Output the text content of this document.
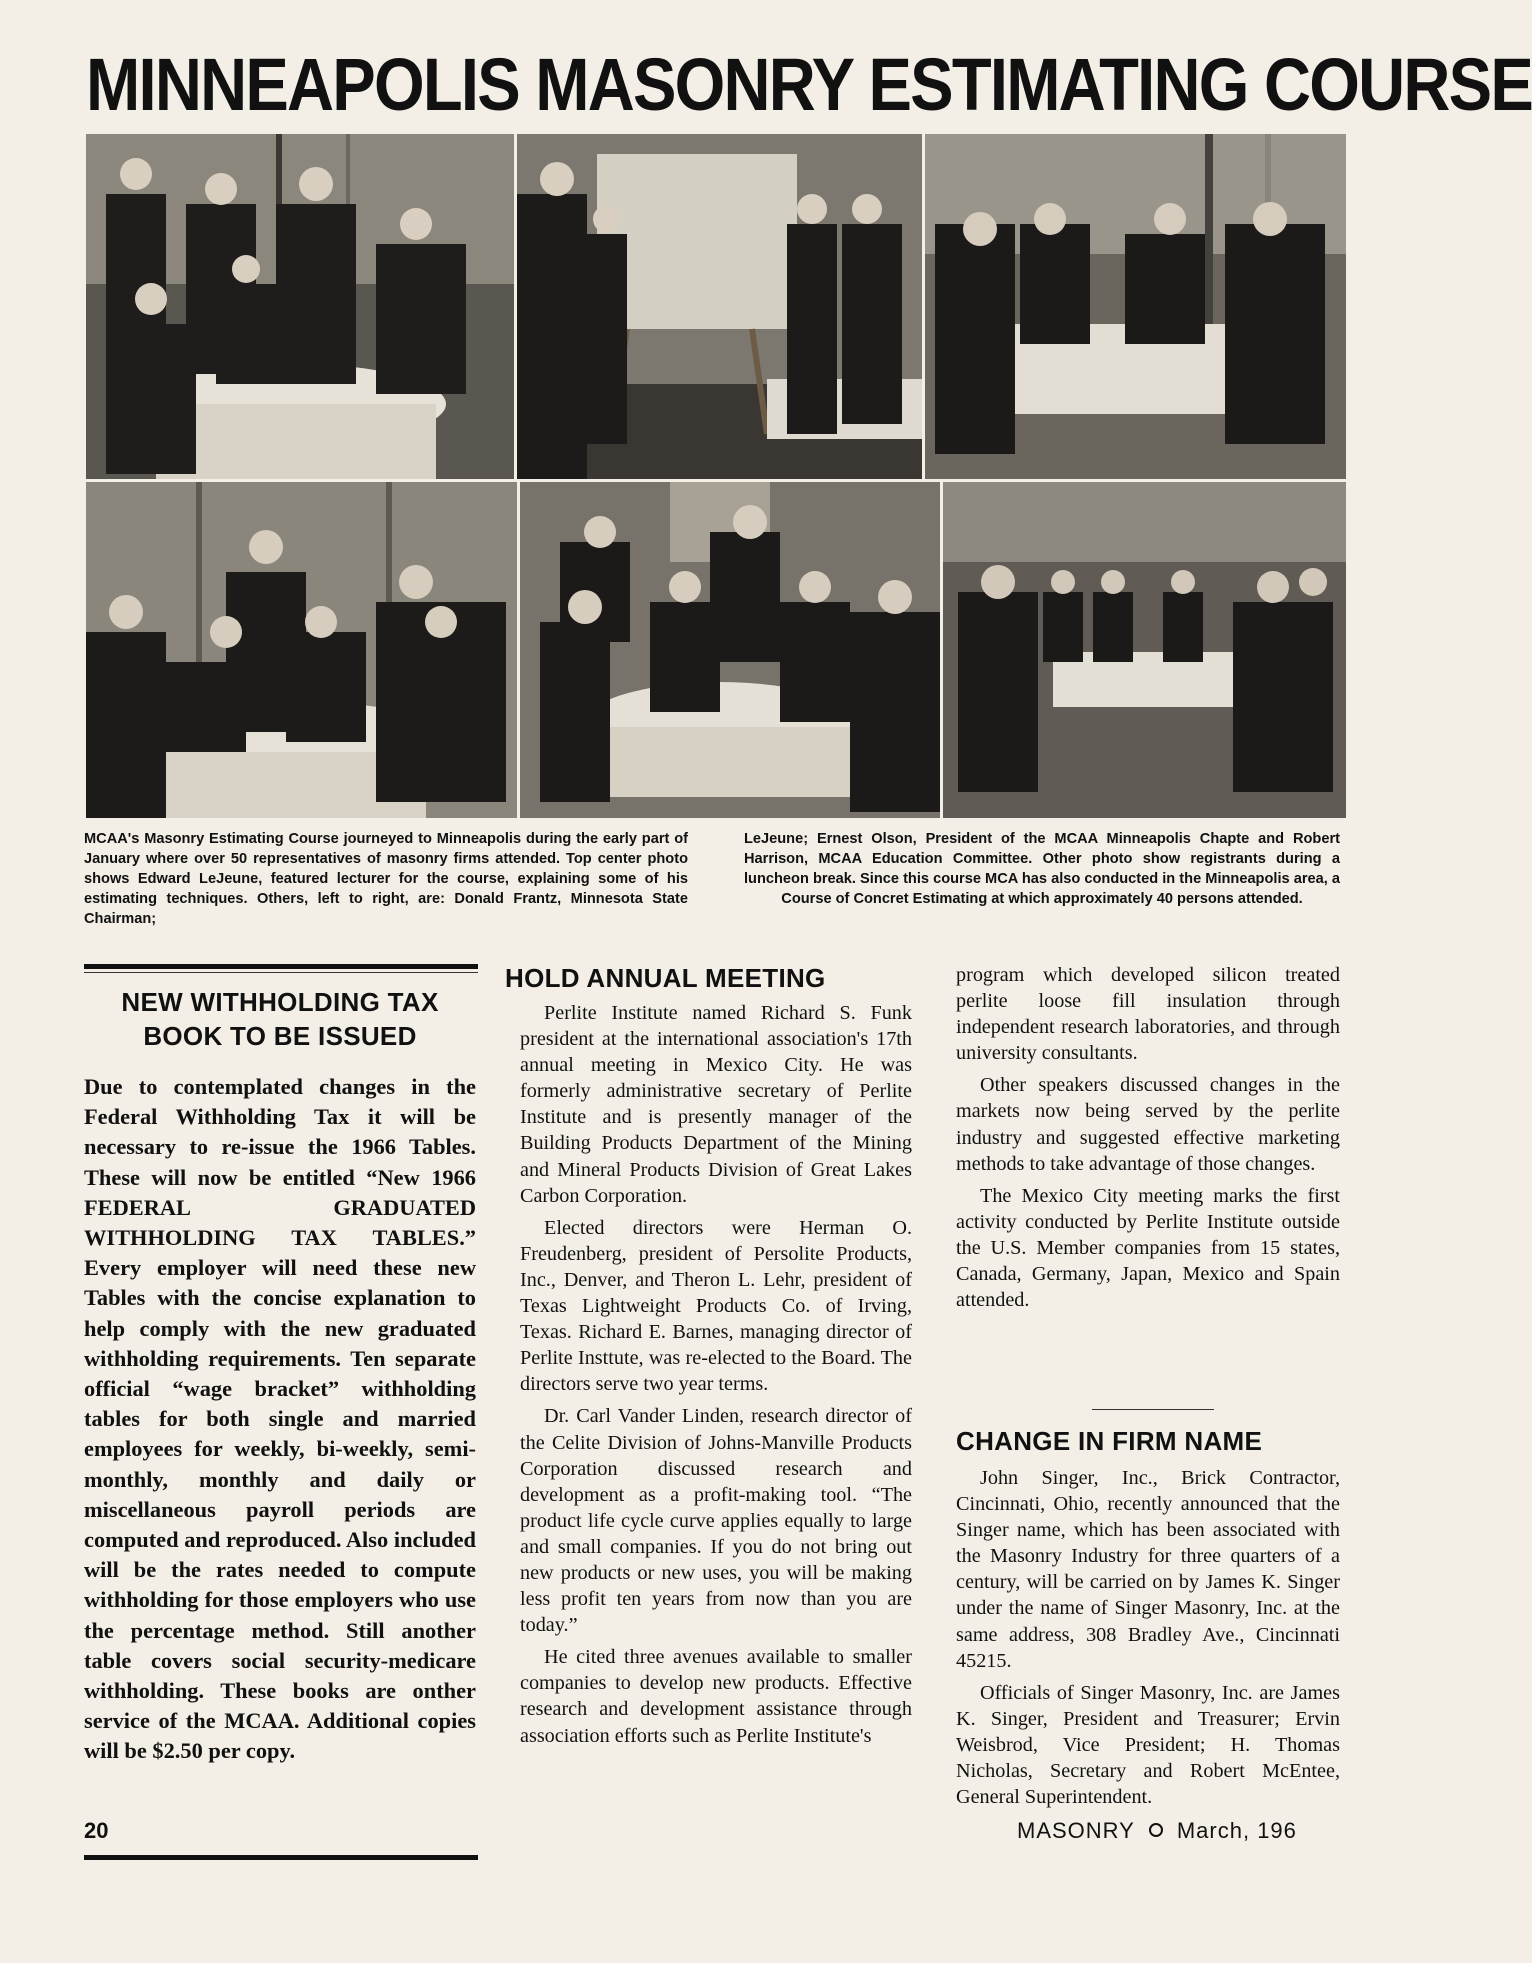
MINNEAPOLIS MASONRY ESTIMATING COURSE
MCAA's Masonry Estimating Course journeyed to Minneapolis during the early part of January where over 50 representatives of masonry firms attended. Top center photo shows Edward LeJeune, featured lecturer for the course, explaining some of his estimating techniques. Others, left to right, are: Donald Frantz, Minnesota State Chairman;
LeJeune; Ernest Olson, President of the MCAA Minneapolis Chapte and Robert Harrison, MCAA Education Committee. Other photo show registrants during a luncheon break. Since this course MCA has also conducted in the Minneapolis area, a Course of Concret Estimating at which approximately 40 persons attended.
NEW WITHHOLDING TAX BOOK TO BE ISSUED
Due to contemplated changes in the Federal Withholding Tax it will be necessary to re-issue the 1966 Tables. These will now be entitled “New 1966 FEDERAL GRADUATED WITHHOLDING TAX TABLES.” Every employer will need these new Tables with the concise explanation to help comply with the new graduated withholding requirements. Ten separate official “wage bracket” withholding tables for both single and married employees for weekly, bi-weekly, semi-monthly, monthly and daily or miscellaneous payroll periods are computed and reproduced. Also included will be the rates needed to compute withholding for those employers who use the percentage method. Still another table covers social security-medicare withholding. These books are onther service of the MCAA. Additional copies will be $2.50 per copy.
HOLD ANNUAL MEETING

Perlite Institute named Richard S. Funk president at the international association's 17th annual meeting in Mexico City. He was formerly administrative secretary of Perlite Institute and is presently manager of the Building Products Department of the Mining and Mineral Products Division of Great Lakes Carbon Corporation.

Elected directors were Herman O. Freudenberg, president of Persolite Products, Inc., Denver, and Theron L. Lehr, president of Texas Lightweight Products Co. of Irving, Texas. Richard E. Barnes, managing director of Perlite Insttute, was re-elected to the Board. The directors serve two year terms.

Dr. Carl Vander Linden, research director of the Celite Division of Johns-Manville Products Corporation discussed research and development as a profit-making tool. “The product life cycle curve applies equally to large and small companies. If you do not bring out new products or new uses, you will be making less profit ten years from now than you are today.”

He cited three avenues available to smaller companies to develop new products. Effective research and development assistance through association efforts such as Perlite Institute's

program which developed silicon treated perlite loose fill insulation through independent research laboratories, and through university consultants.

Other speakers discussed changes in the markets now being served by the perlite industry and suggested effective marketing methods to take advantage of those changes.

The Mexico City meeting marks the first activity conducted by Perlite Institute outside the U.S. Member companies from 15 states, Canada, Germany, Japan, Mexico and Spain attended.

CHANGE IN FIRM NAME

John Singer, Inc., Brick Contractor, Cincinnati, Ohio, recently announced that the Singer name, which has been associated with the Masonry Industry for three quarters of a century, will be carried on by James K. Singer under the name of Singer Masonry, Inc. at the same address, 308 Bradley Ave., Cincinnati 45215.

Officials of Singer Masonry, Inc. are James K. Singer, President and Treasurer; Ervin Weisbrod, Vice President; H. Thomas Nicholas, Secretary and Robert McEntee, General Superintendent.

20	MASONRY March, 196
